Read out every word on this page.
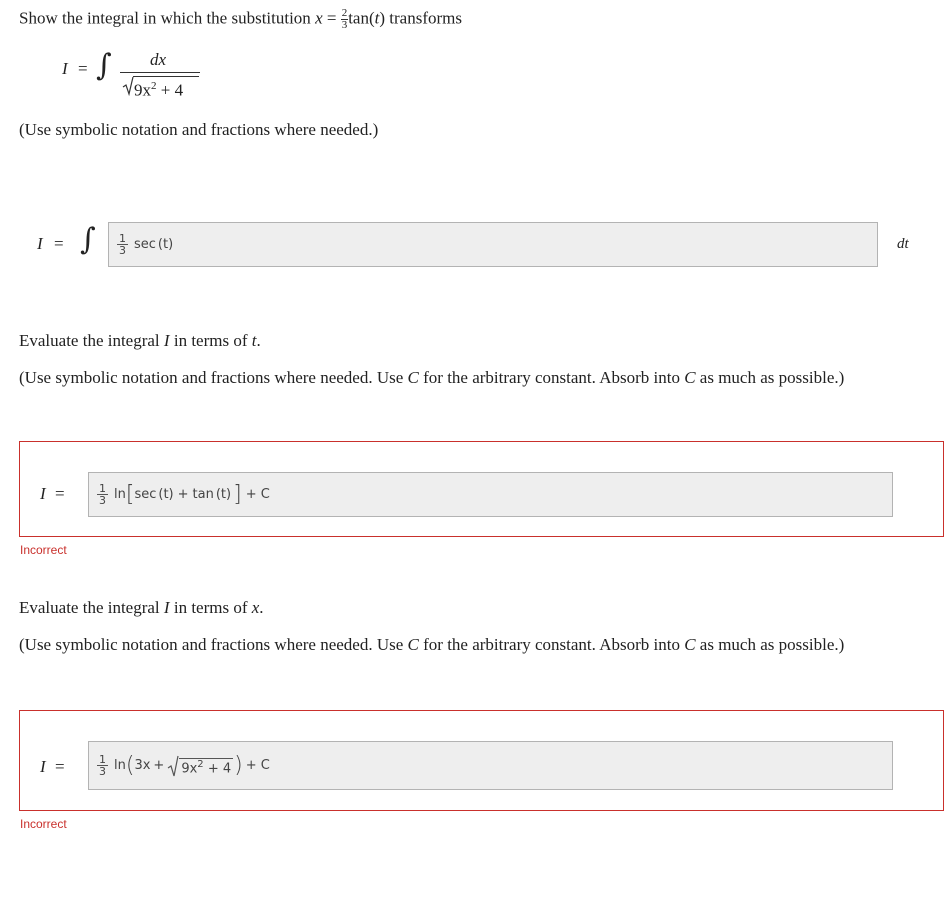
Show the integral in which the substitution $x = \frac{2}{3} \tan(t)$ transforms
I = ∫ dx
$9x^2 + 4$
(Use symbolic notation and fractions where needed.)
I = ∫ $\frac{1}{3}$ sec (t)	dt
Evaluate the integral I in terms of t.
(Use symbolic notation and fractions where needed. Use C for the arbitrary constant. Absorb into C as much as possible.)
I =	$\frac{1}{3}$ ln [ sec (t) + tan (t) ] + C
Incorrect
Evaluate the integral I in terms of x.
(Use symbolic notation and fractions where needed. Use C for the arbitrary constant. Absorb into C as much as possible.)
I =	$\frac{1}{3}$ ln ( $3x + 9x^2 + 4$ ) + C
Incorrect
